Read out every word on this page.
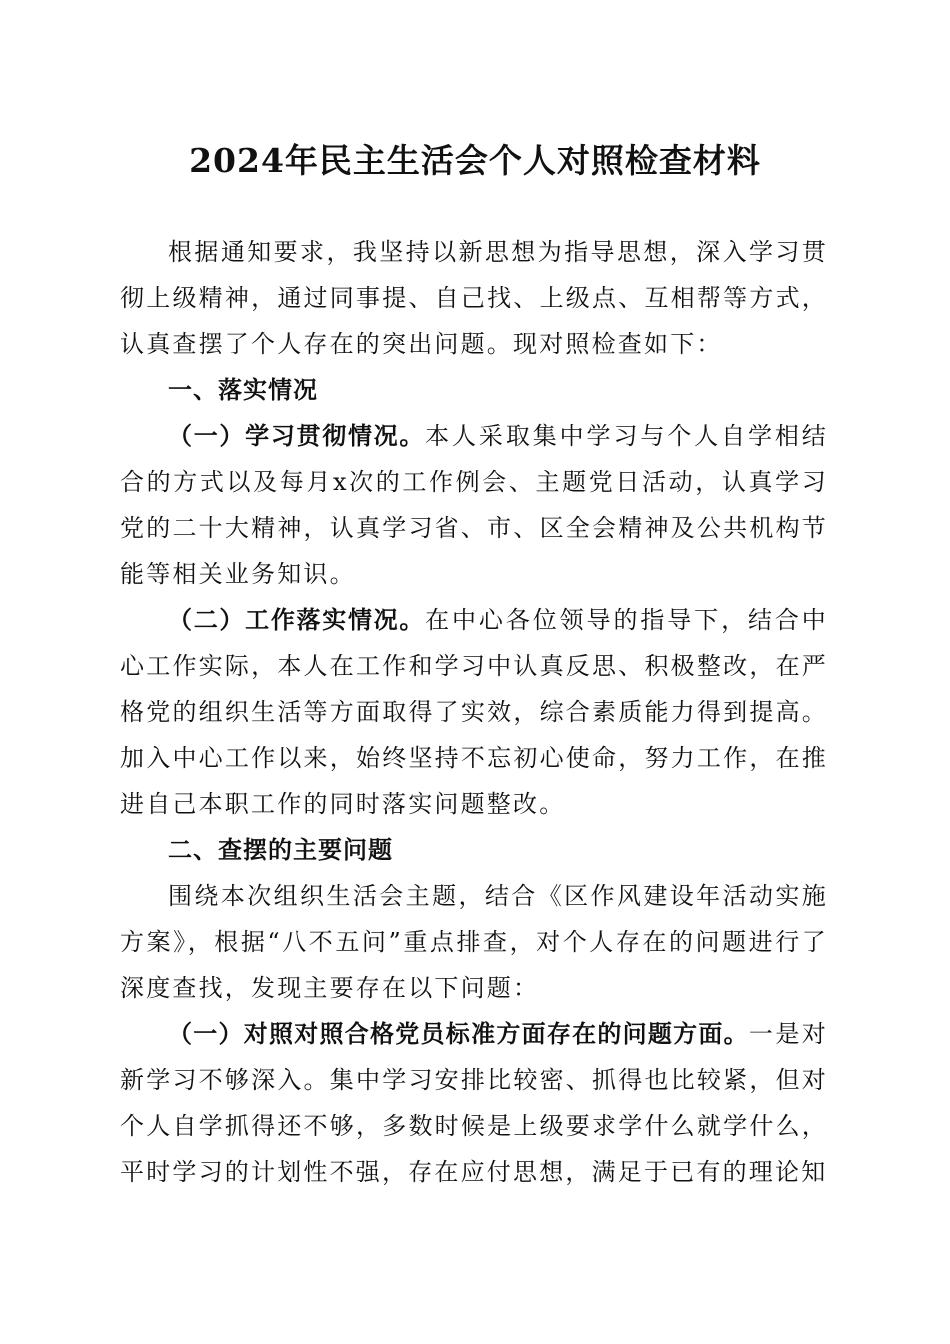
2024年民主生活会个人对照检查材料

根据通知要求，我坚持以新思想为指导思想，深入学习贯彻上级精神，通过同事提、自己找、上级点、互相帮等方式，认真查摆了个人存在的突出问题。现对照检查如下：

一、落实情况

（一）学习贯彻情况。本人采取集中学习与个人自学相结合的方式以及每月x次的工作例会、主题党日活动，认真学习党的二十大精神，认真学习省、市、区全会精神及公共机构节能等相关业务知识。

（二）工作落实情况。在中心各位领导的指导下，结合中心工作实际，本人在工作和学习中认真反思、积极整改，在严格党的组织生活等方面取得了实效，综合素质能力得到提高。加入中心工作以来，始终坚持不忘初心使命，努力工作，在推进自己本职工作的同时落实问题整改。

二、查摆的主要问题

围绕本次组织生活会主题，结合《区作风建设年活动实施方案》，根据“八不五问”重点排查，对个人存在的问题进行了深度查找，发现主要存在以下问题：

（一）对照对照合格党员标准方面存在的问题方面。一是对新学习不够深入。集中学习安排比较密、抓得也比较紧，但对个人自学抓得还不够，多数时候是上级要求学什么就学什么，平时学习的计划性不强，存在应付思想，满足于已有的理论知
